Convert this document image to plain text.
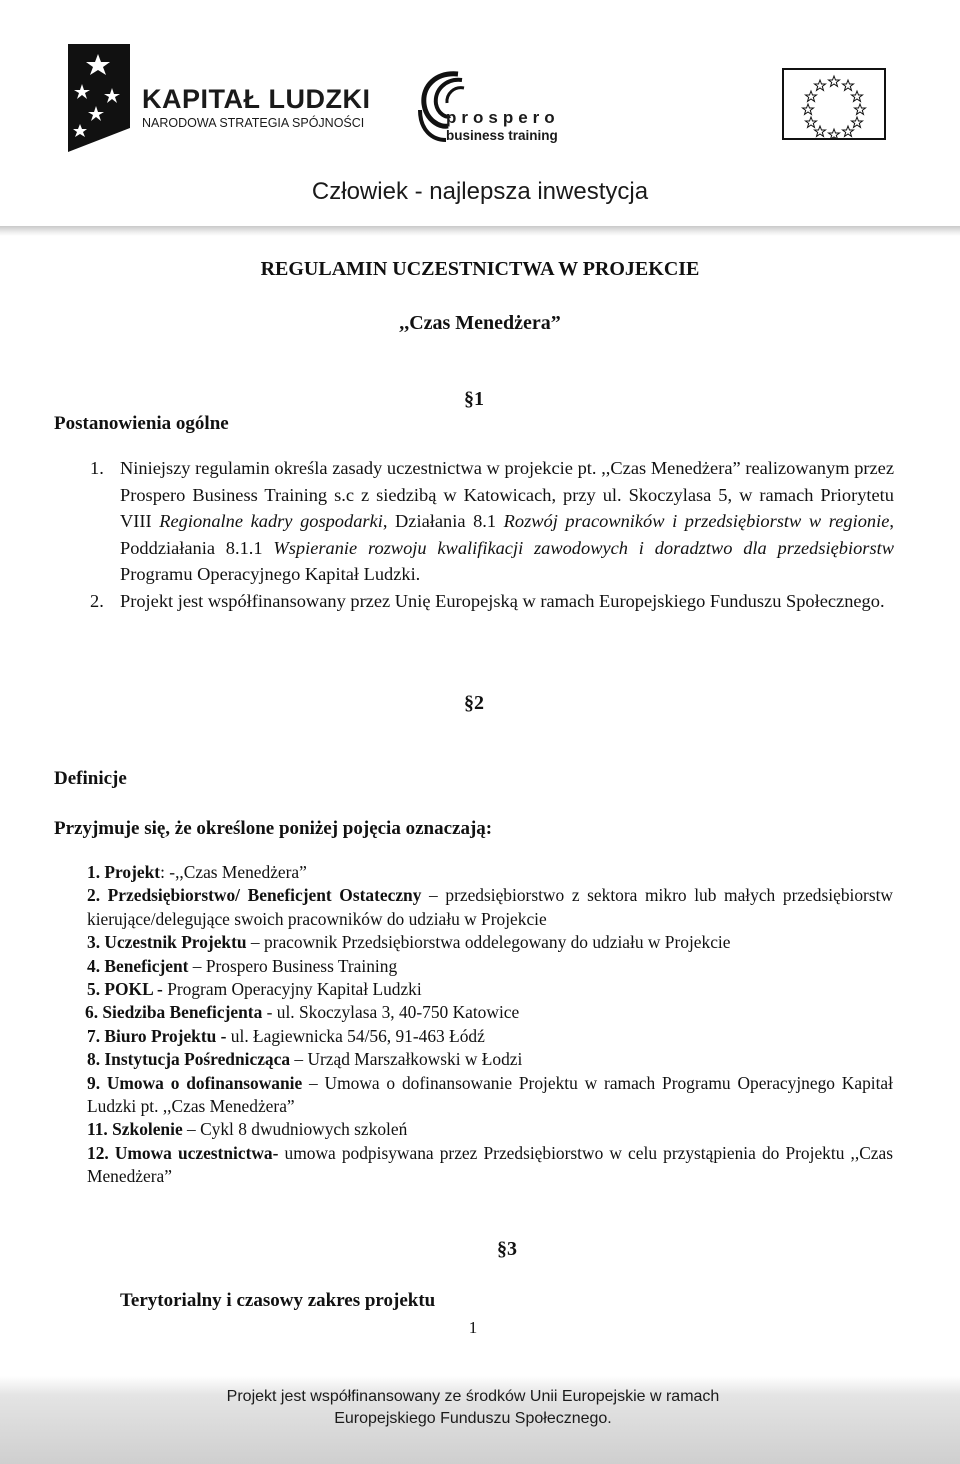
KAPITAŁ LUDZKI
NARODOWA STRATEGIA SPÓJNOŚCI	prospero
business training
Człowiek - najlepsza inwestycja
REGULAMIN UCZESTNICTWA W PROJEKCIE
,,Czas Menedżera”
§1
Postanowienia ogólne
1. Niniejszy regulamin określa zasady uczestnictwa w projekcie pt. ,,Czas Menedżera” realizowanym przez Prospero Business Training s.c z siedzibą w Katowicach, przy ul. Skoczylasa 5, w ramach Priorytetu VIII Regionalne kadry gospodarki, Działania 8.1 Rozwój pracowników i przedsiębiorstw w regionie, Poddziałania 8.1.1 Wspieranie rozwoju kwalifikacji zawodowych i doradztwo dla przedsiębiorstw Programu Operacyjnego Kapitał Ludzki.
2. Projekt jest współfinansowany przez Unię Europejską w ramach Europejskiego Funduszu Społecznego.
§2
Definicje
Przyjmuje się, że określone poniżej pojęcia oznaczają:
1. Projekt: -,,Czas Menedżera”
2. Przedsiębiorstwo/ Beneficjent Ostateczny – przedsiębiorstwo z sektora mikro lub małych przedsiębiorstw kierujące/delegujące swoich pracowników do udziału w Projekcie
3. Uczestnik Projektu – pracownik Przedsiębiorstwa oddelegowany do udziału w Projekcie
4. Beneficjent – Prospero Business Training
5. POKL - Program Operacyjny Kapitał Ludzki
6. Siedziba Beneficjenta - ul. Skoczylasa 3, 40-750 Katowice
7. Biuro Projektu - ul. Łagiewnicka 54/56, 91-463 Łódź
8. Instytucja Pośrednicząca – Urząd Marszałkowski w Łodzi
9. Umowa o dofinansowanie – Umowa o dofinansowanie Projektu w ramach Programu Operacyjnego Kapitał Ludzki pt. ,,Czas Menedżera”
11. Szkolenie – Cykl 8 dwudniowych szkoleń
12. Umowa uczestnictwa- umowa podpisywana przez Przedsiębiorstwo w celu przystąpienia do Projektu ,,Czas Menedżera”
§3
Terytorialny i czasowy zakres projektu
1
Projekt jest współfinansowany ze środków Unii Europejskie w ramach
Europejskiego Funduszu Społecznego.
